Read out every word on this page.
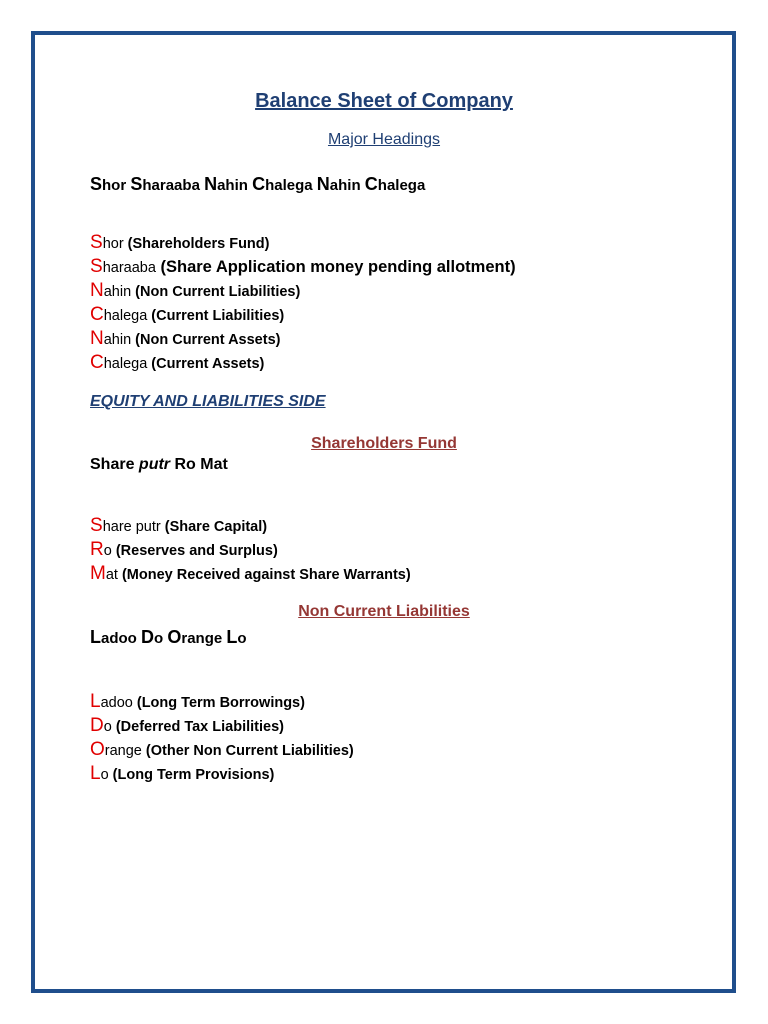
Balance Sheet of Company
Major Headings
Shor Sharaaba Nahin Chalega Nahin Chalega
Shor (Shareholders Fund)
Sharaaba (Share Application money pending allotment)
Nahin (Non Current Liabilities)
Chalega (Current Liabilities)
Nahin (Non Current Assets)
Chalega (Current Assets)
EQUITY AND LIABILITIES SIDE
Shareholders Fund
Share putr Ro Mat
Share putr (Share Capital)
Ro (Reserves and Surplus)
Mat (Money Received against Share Warrants)
Non Current Liabilities
Ladoo Do Orange Lo
Ladoo (Long Term Borrowings)
Do (Deferred Tax Liabilities)
Orange (Other Non Current Liabilities)
Lo (Long Term Provisions)
